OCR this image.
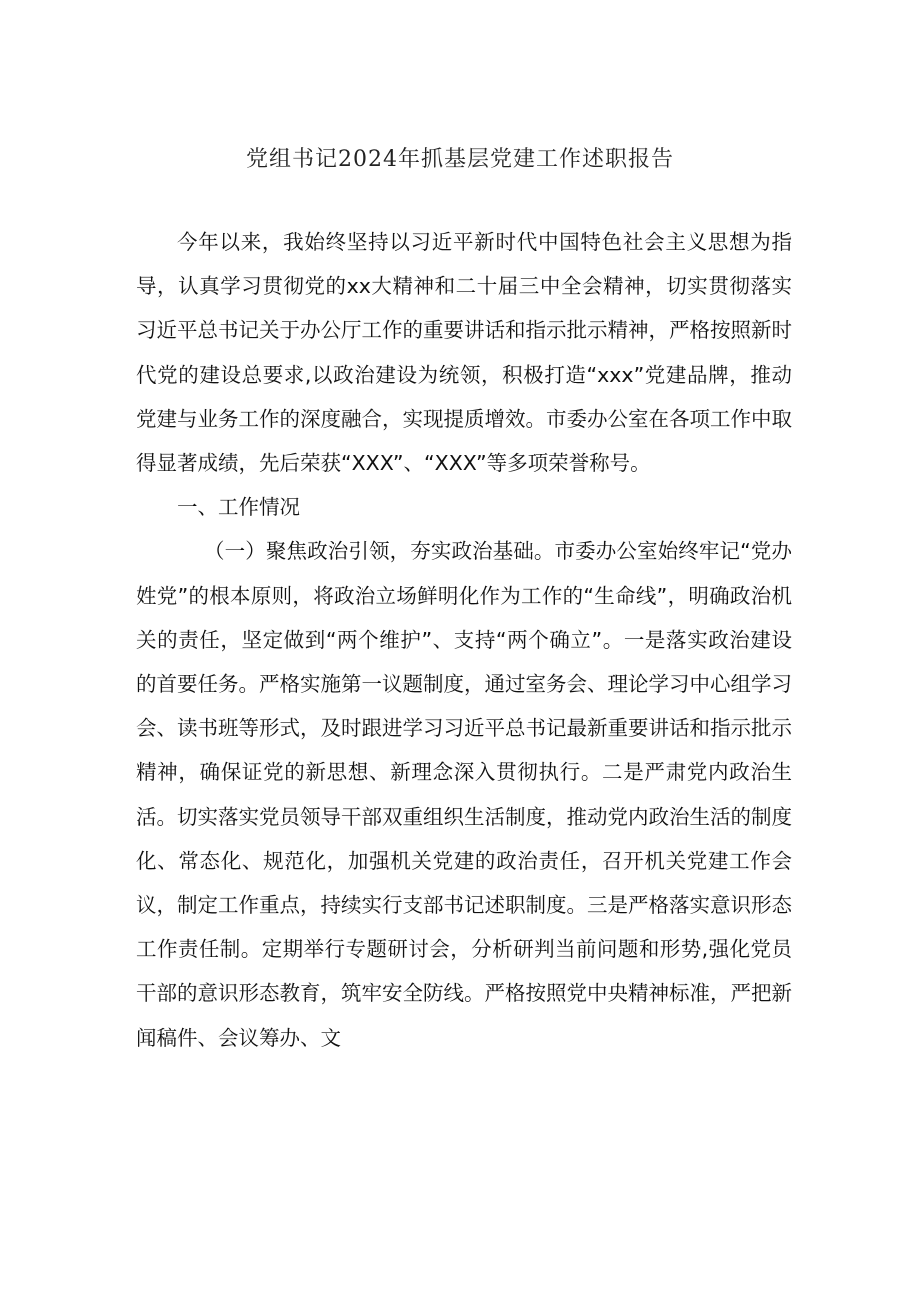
党组书记2024年抓基层党建工作述职报告

今年以来，我始终坚持以习近平新时代中国特色社会主义思想为指导，认真学习贯彻党的xx大精神和二十届三中全会精神，切实贯彻落实习近平总书记关于办公厅工作的重要讲话和指示批示精神，严格按照新时代党的建设总要求,以政治建设为统领，积极打造“xxx”党建品牌，推动党建与业务工作的深度融合，实现提质增效。市委办公室在各项工作中取得显著成绩，先后荣获“XXX”、“XXX”等多项荣誉称号。

一、工作情况

（一）聚焦政治引领，夯实政治基础。市委办公室始终牢记“党办姓党”的根本原则，将政治立场鲜明化作为工作的“生命线”，明确政治机关的责任，坚定做到“两个维护”、支持“两个确立”。一是落实政治建设的首要任务。严格实施第一议题制度，通过室务会、理论学习中心组学习会、读书班等形式，及时跟进学习习近平总书记最新重要讲话和指示批示精神，确保证党的新思想、新理念深入贯彻执行。二是严肃党内政治生活。切实落实党员领导干部双重组织生活制度，推动党内政治生活的制度化、常态化、规范化，加强机关党建的政治责任，召开机关党建工作会议，制定工作重点，持续实行支部书记述职制度。三是严格落实意识形态工作责任制。定期举行专题研讨会，分析研判当前问题和形势,强化党员干部的意识形态教育，筑牢安全防线。严格按照党中央精神标准，严把新闻稿件、会议筹办、文
